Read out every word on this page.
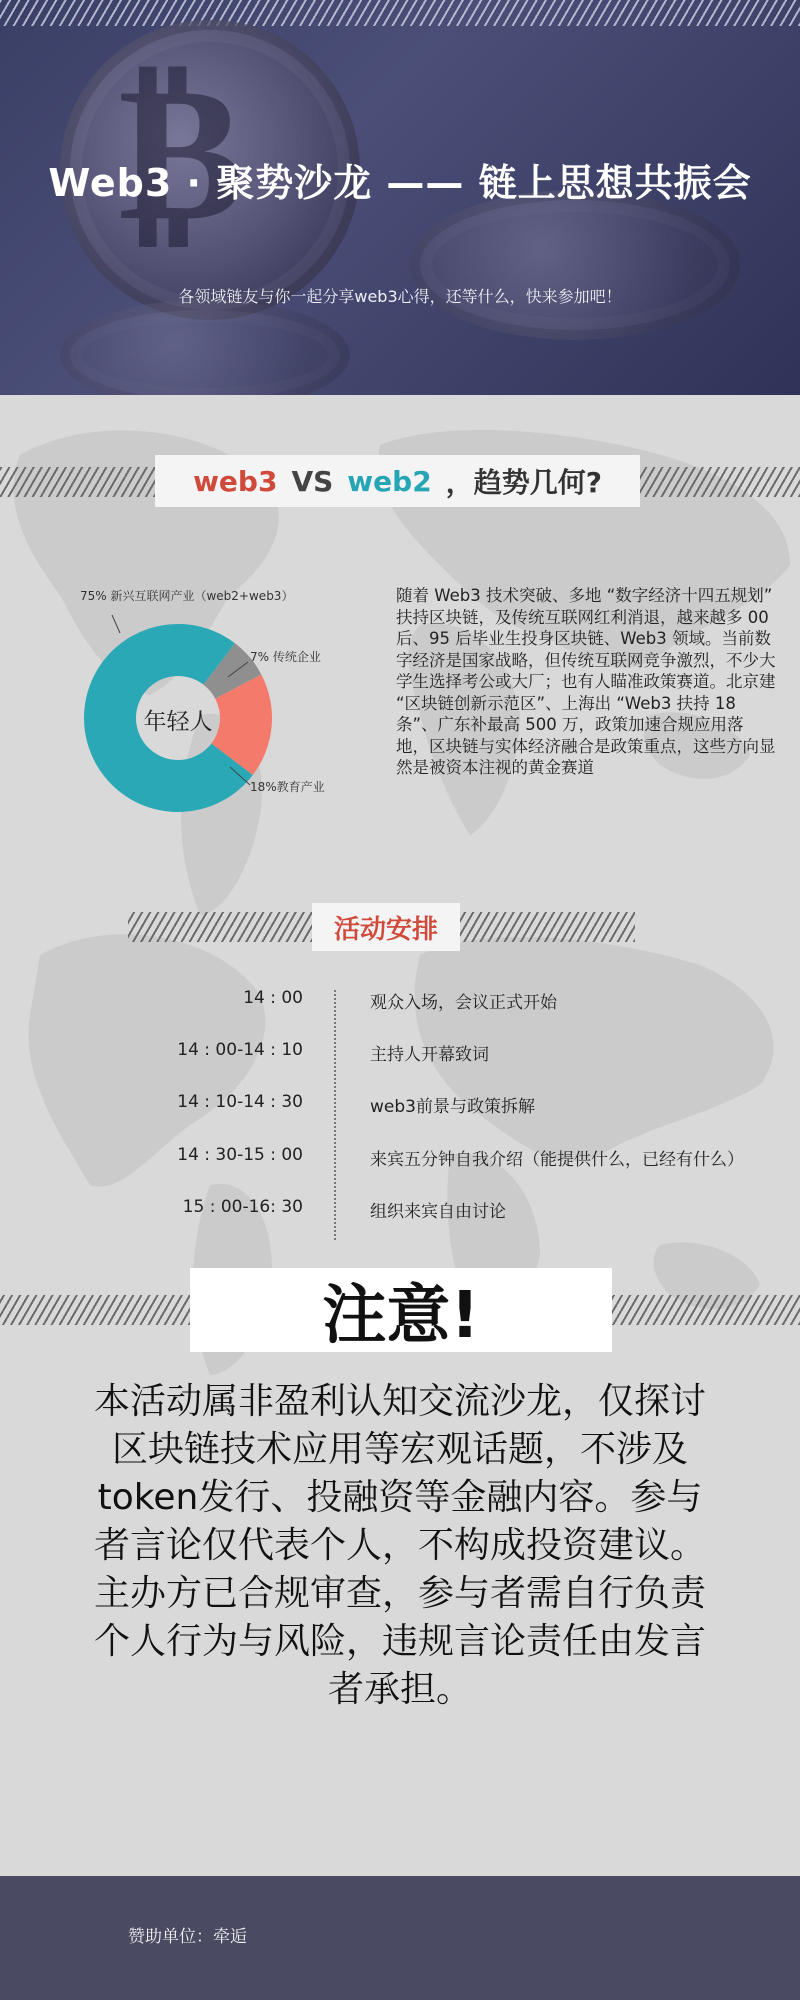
₿
Web3 · 聚势沙龙 —— 链上思想共振会
各领域链友与你一起分享web3心得，还等什么，快来参加吧！
web3 VS web2 ，趋势几何?
75% 新兴互联网产业（web2+web3）
7% 传统企业
18%教育产业
年轻人
随着 Web3 技术突破、多地 “数字经济十四五规划” 扶持区块链，及传统互联网红利消退，越来越多 00 后、95 后毕业生投身区块链、Web3 领域。当前数字经济是国家战略，但传统互联网竞争激烈，不少大学生选择考公或大厂；也有人瞄准政策赛道。北京建 “区块链创新示范区”、上海出 “Web3 扶持 18 条”、广东补最高 500 万，政策加速合规应用落地，区块链与实体经济融合是政策重点，这些方向显然是被资本注视的黄金赛道
活动安排
14 : 00	观众入场，会议正式开始
14 : 00-14 : 10	主持人开幕致词
14 : 10-14 : 30	web3前景与政策拆解
14 : 30-15 : 00	来宾五分钟自我介绍（能提供什么，已经有什么）
15 : 00-16: 30	组织来宾自由讨论
注意!
本活动属非盈利认知交流沙龙，仅探讨区块链技术应用等宏观话题，不涉及token发行、投融资等金融内容。参与者言论仅代表个人，不构成投资建议。主办方已合规审查，参与者需自行负责个人行为与风险，违规言论责任由发言者承担。
赞助单位：牵逅
